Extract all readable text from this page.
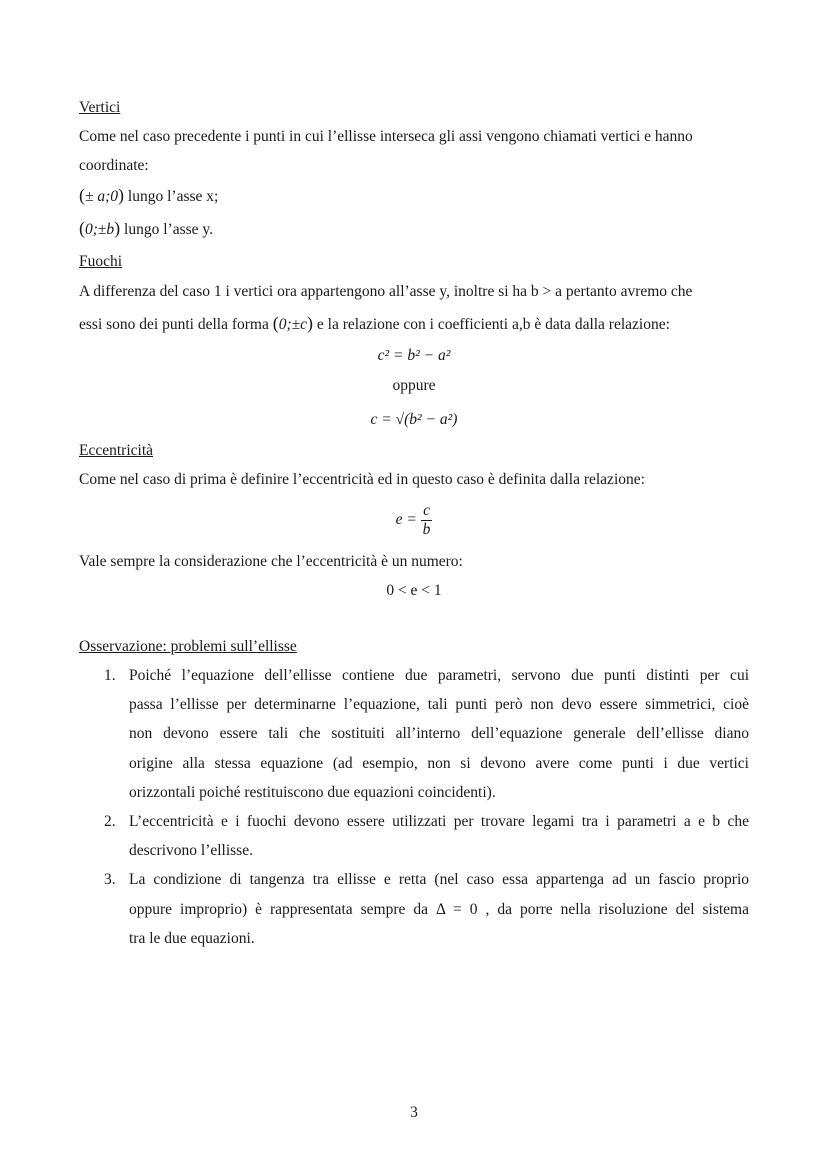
Vertici
Come nel caso precedente i punti in cui l’ellisse interseca gli assi vengono chiamati vertici e hanno
coordinate:
(± a;0) lungo l’asse x;
(0;±b) lungo l’asse y.
Fuochi
A differenza del caso 1 i vertici ora appartengono all’asse y, inoltre si ha b > a pertanto avremo che
essi sono dei punti della forma (0;±c) e la relazione con i coefficienti a,b è data dalla relazione:
c² = b² − a²
oppure
c = √(b² − a²)
Eccentricità
Come nel caso di prima è definire l’eccentricità ed in questo caso è definita dalla relazione:
$e = \frac{c}{b}$
Vale sempre la considerazione che l’eccentricità è un numero:
0 < e < 1
Osservazione: problemi sull’ellisse
1. Poiché l’equazione dell’ellisse contiene due parametri, servono due punti distinti per cui
passa l’ellisse per determinarne l’equazione, tali punti però non devo essere simmetrici, cioè
non devono essere tali che sostituiti all’interno dell’equazione generale dell’ellisse diano
origine alla stessa equazione (ad esempio, non si devono avere come punti i due vertici
orizzontali poiché restituiscono due equazioni coincidenti).
2. L’eccentricità e i fuochi devono essere utilizzati per trovare legami tra i parametri a e b che
descrivono l’ellisse.
3. La condizione di tangenza tra ellisse e retta (nel caso essa appartenga ad un fascio proprio
oppure improprio) è rappresentata sempre da Δ = 0 , da porre nella risoluzione del sistema
tra le due equazioni.
3
